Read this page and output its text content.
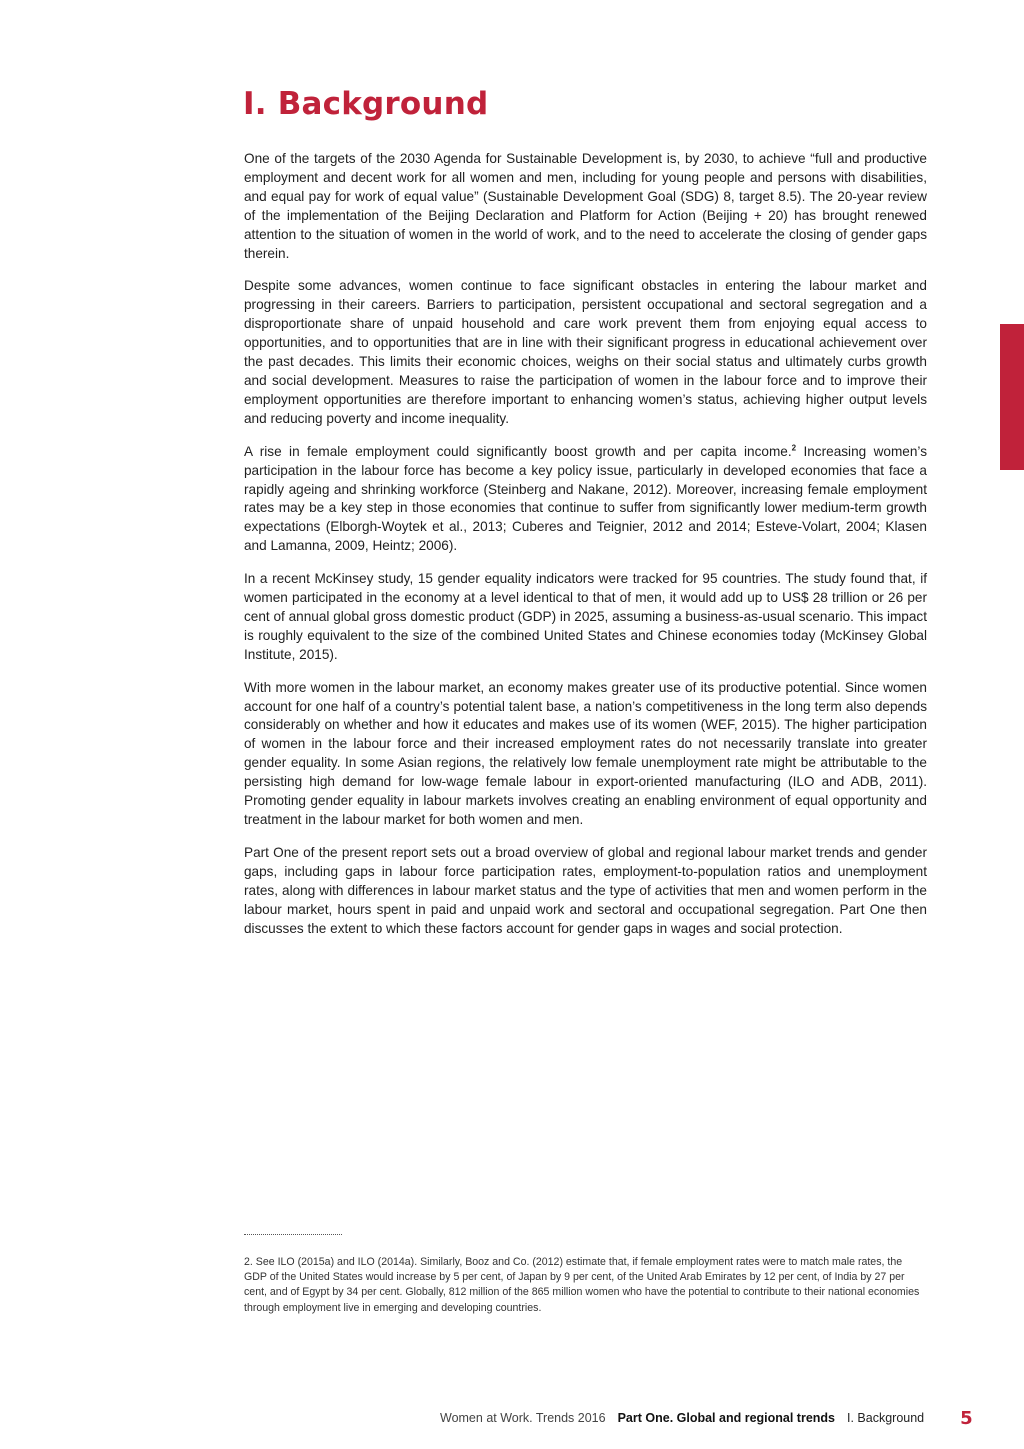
I. Background

One of the targets of the 2030 Agenda for Sustainable Development is, by 2030, to achieve “full and productive employment and decent work for all women and men, including for young people and persons with disabilities, and equal pay for work of equal value” (Sustainable Development Goal (SDG) 8, target 8.5). The 20-year review of the implementation of the Beijing Declaration and Platform for Action (Beijing + 20) has brought renewed attention to the situation of women in the world of work, and to the need to accelerate the closing of gender gaps therein.

Despite some advances, women continue to face significant obstacles in entering the labour market and progressing in their careers. Barriers to participation, persistent occupational and sectoral segregation and a disproportionate share of unpaid household and care work prevent them from enjoying equal access to opportunities, and to opportunities that are in line with their significant progress in educational achievement over the past decades. This limits their economic choices, weighs on their social status and ultimately curbs growth and social development. Measures to raise the participation of women in the labour force and to improve their employment opportunities are therefore important to enhancing women’s status, achieving higher output levels and reducing poverty and income inequality.

A rise in female employment could significantly boost growth and per capita income.$^2$ Increasing women’s participation in the labour force has become a key policy issue, particularly in developed economies that face a rapidly ageing and shrinking workforce (Steinberg and Nakane, 2012). Moreover, increasing female employment rates may be a key step in those economies that continue to suffer from significantly lower medium-term growth expectations (Elborgh-Woytek et al., 2013; Cuberes and Teignier, 2012 and 2014; Esteve-Volart, 2004; Klasen and Lamanna, 2009, Heintz; 2006).

In a recent McKinsey study, 15 gender equality indicators were tracked for 95 countries. The study found that, if women participated in the economy at a level identical to that of men, it would add up to US$ 28 trillion or 26 per cent of annual global gross domestic product (GDP) in 2025, assuming a business-as-usual scenario. This impact is roughly equivalent to the size of the combined United States and Chinese economies today (McKinsey Global Institute, 2015).

With more women in the labour market, an economy makes greater use of its productive potential. Since women account for one half of a country’s potential talent base, a nation’s competitiveness in the long term also depends considerably on whether and how it educates and makes use of its women (WEF, 2015). The higher participation of women in the labour force and their increased employment rates do not necessarily translate into greater gender equality. In some Asian regions, the relatively low female unemployment rate might be attributable to the persisting high demand for low-wage female labour in export-oriented manufacturing (ILO and ADB, 2011). Promoting gender equality in labour markets involves creating an enabling environment of equal opportunity and treatment in the labour market for both women and men.

Part One of the present report sets out a broad overview of global and regional labour market trends and gender gaps, including gaps in labour force participation rates, employment-to-population ratios and unemployment rates, along with differences in labour market status and the type of activities that men and women perform in the labour market, hours spent in paid and unpaid work and sectoral and occupational segregation. Part One then discusses the extent to which these factors account for gender gaps in wages and social protection.

2. See ILO (2015a) and ILO (2014a). Similarly, Booz and Co. (2012) estimate that, if female employment rates were to match male rates, the GDP of the United States would increase by 5 per cent, of Japan by 9 per cent, of the United Arab Emirates by 12 per cent, of India by 27 per cent, and of Egypt by 34 per cent. Globally, 812 million of the 865 million women who have the potential to contribute to their national economies through employment live in emerging and developing countries.

Women at Work. Trends 2016 Part One. Global and regional trends I. Background 5
